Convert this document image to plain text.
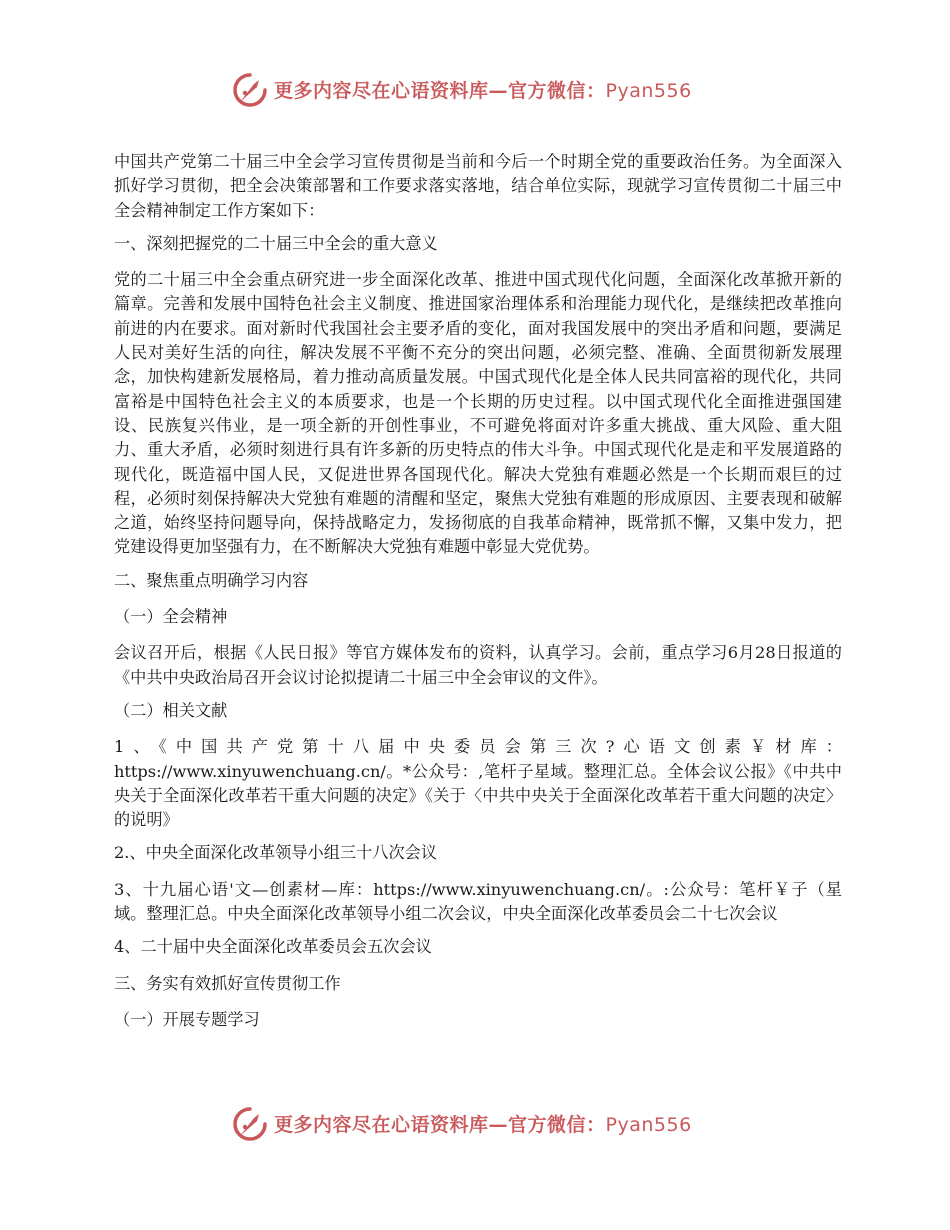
更多内容尽在心语资料库—官方微信：Pyan556

中国共产党第二十届三中全会学习宣传贯彻是当前和今后一个时期全党的重要政治任务。为全面深入抓好学习贯彻，把全会决策部署和工作要求落实落地，结合单位实际，现就学习宣传贯彻二十届三中全会精神制定工作方案如下：

一、深刻把握党的二十届三中全会的重大意义

党的二十届三中全会重点研究进一步全面深化改革、推进中国式现代化问题，全面深化改革掀开新的篇章。完善和发展中国特色社会主义制度、推进国家治理体系和治理能力现代化，是继续把改革推向前进的内在要求。面对新时代我国社会主要矛盾的变化，面对我国发展中的突出矛盾和问题，要满足人民对美好生活的向往，解决发展不平衡不充分的突出问题，必须完整、准确、全面贯彻新发展理念，加快构建新发展格局，着力推动高质量发展。中国式现代化是全体人民共同富裕的现代化，共同富裕是中国特色社会主义的本质要求，也是一个长期的历史过程。以中国式现代化全面推进强国建设、民族复兴伟业，是一项全新的开创性事业，不可避免将面对许多重大挑战、重大风险、重大阻力、重大矛盾，必须时刻进行具有许多新的历史特点的伟大斗争。中国式现代化是走和平发展道路的现代化，既造福中国人民，又促进世界各国现代化。解决大党独有难题必然是一个长期而艰巨的过程，必须时刻保持解决大党独有难题的清醒和坚定，聚焦大党独有难题的形成原因、主要表现和破解之道，始终坚持问题导向，保持战略定力，发扬彻底的自我革命精神，既常抓不懈，又集中发力，把党建设得更加坚强有力，在不断解决大党独有难题中彰显大党优势。

二、聚焦重点明确学习内容

（一）全会精神

会议召开后，根据《人民日报》等官方媒体发布的资料，认真学习。会前，重点学习6月28日报道的《中共中央政治局召开会议讨论拟提请二十届三中全会审议的文件》。

（二）相关文献

1、《中国共产党第十八届中央委员会第三次?心语文创素￥材库：https://www.xinyuwenchuang.cn/。*公众号：,笔杆子星域。整理汇总。全体会议公报》《中共中央关于全面深化改革若干重大问题的决定》《关于〈中共中央关于全面深化改革若干重大问题的决定〉的说明》

2.、中央全面深化改革领导小组三十八次会议

3、十九届心语'文—创素材—库：https://www.xinyuwenchuang.cn/。:公众号：笔杆￥子（星域。整理汇总。中央全面深化改革领导小组二次会议，中央全面深化改革委员会二十七次会议

4、二十届中央全面深化改革委员会五次会议

三、务实有效抓好宣传贯彻工作

（一）开展专题学习

更多内容尽在心语资料库—官方微信：Pyan556
